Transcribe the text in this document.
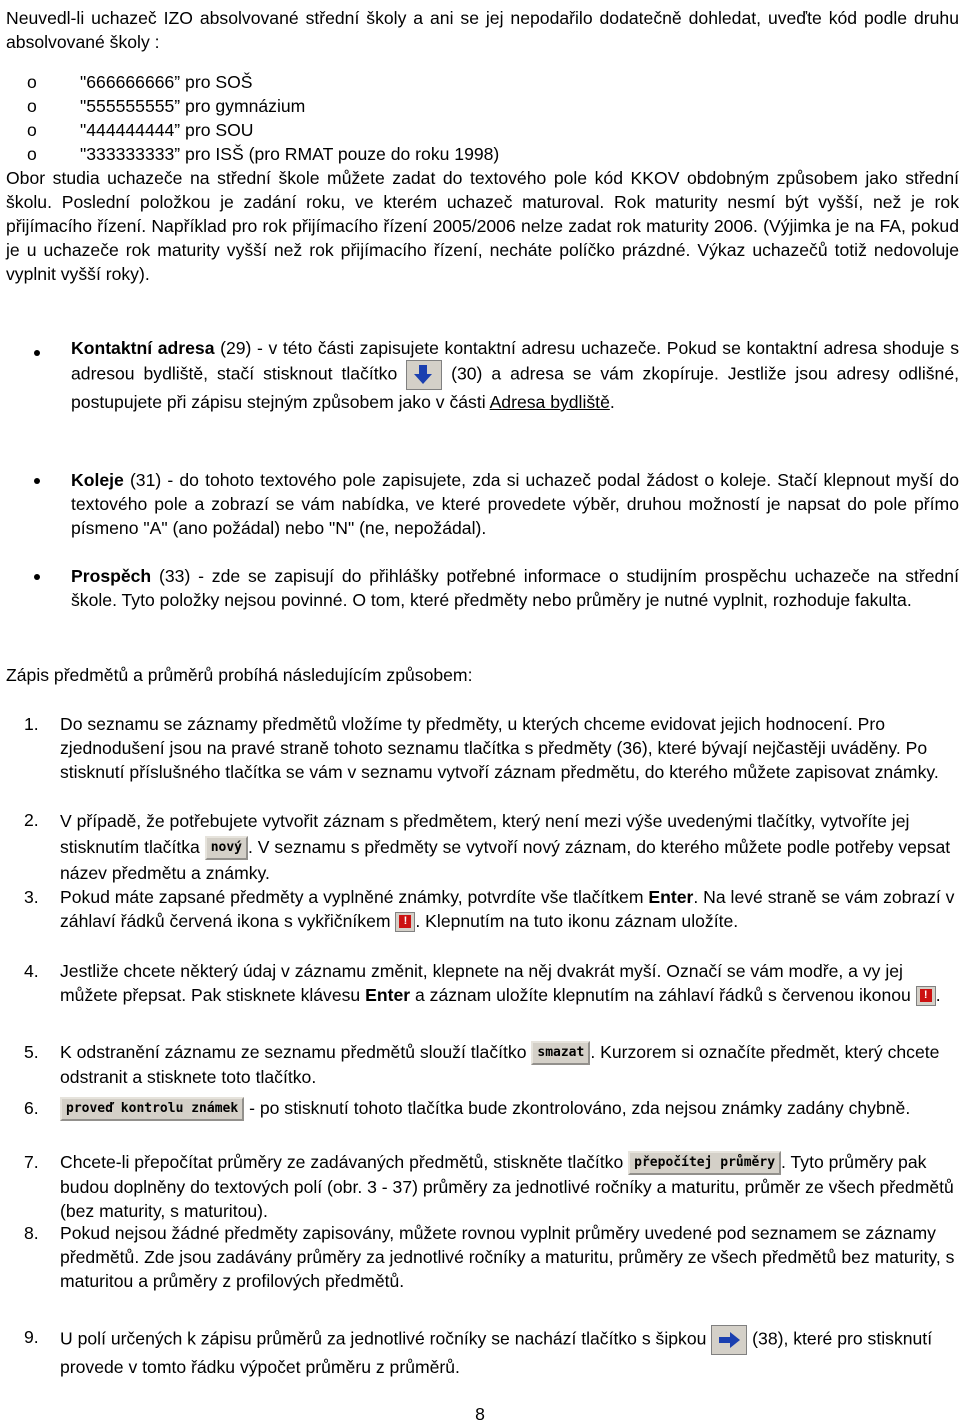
Neuvedl-li uchazeč IZO absolvované střední školy a ani se jej nepodařilo dodatečně dohledat, uveďte kód podle druhu absolvované školy :

o "666666666” pro SOŠ
o "555555555” pro gymnázium
o "444444444” pro SOU
o "333333333” pro ISŠ (pro RMAT pouze do roku 1998)

Obor studia uchazeče na střední škole můžete zadat do textového pole kód KKOV obdobným způsobem jako střední školu. Poslední položkou je zadání roku, ve kterém uchazeč maturoval. Rok maturity nesmí být vyšší, než je rok přijímacího řízení. Například pro rok přijímacího řízení 2005/2006 nelze zadat rok maturity 2006. (Výjimka je na FA, pokud je u uchazeče rok maturity vyšší než rok přijímacího řízení, necháte políčko prázdné. Výkaz uchazečů totiž nedovoluje vyplnit vyšší roky).

Kontaktní adresa (29) - v této části zapisujete kontaktní adresu uchazeče. Pokud se kontaktní adresa shoduje s adresou bydliště, stačí stisknout tlačítko  (30) a adresa se vám zkopíruje. Jestliže jsou adresy odlišné, postupujete při zápisu stejným způsobem jako v části Adresa bydliště.

Koleje (31) - do tohoto textového pole zapisujete, zda si uchazeč podal žádost o koleje. Stačí klepnout myší do textového pole a zobrazí se vám nabídka, ve které provedete výběr, druhou možností je napsat do pole přímo písmeno "A" (ano požádal) nebo "N" (ne, nepožádal).

Prospěch (33) - zde se zapisují do přihlášky potřebné informace o studijním prospěchu uchazeče na střední škole. Tyto položky nejsou povinné. O tom, které předměty nebo průměry je nutné vyplnit, rozhoduje fakulta.

Zápis předmětů a průměrů probíhá následujícím způsobem:

1. Do seznamu se záznamy předmětů vložíme ty předměty, u kterých chceme evidovat jejich hodnocení. Pro zjednodušení jsou na pravé straně tohoto seznamu tlačítka s předměty (36), které bývají nejčastěji uváděny. Po stisknutí příslušného tlačítka se vám v seznamu vytvoří záznam předmětu, do kterého můžete zapisovat známky.

2. V případě, že potřebujete vytvořit záznam s předmětem, který není mezi výše uvedenými tlačítky, vytvoříte jej stisknutím tlačítka nový . V seznamu s předměty se vytvoří nový záznam, do kterého můžete podle potřeby vepsat název předmětu a známky.

3. Pokud máte zapsané předměty a vyplněné známky, potvrdíte vše tlačítkem Enter. Na levé straně se vám zobrazí v záhlaví řádků červená ikona s vykřičníkem !. Klepnutím na tuto ikonu záznam uložíte.

4. Jestliže chcete některý údaj v záznamu změnit, klepnete na něj dvakrát myší. Označí se vám modře, a vy jej můžete přepsat. Pak stisknete klávesu Enter a záznam uložíte klepnutím na záhlaví řádků s červenou ikonou !.

5. K odstranění záznamu ze seznamu předmětů slouží tlačítko smazat . Kurzorem si označíte předmět, který chcete odstranit a stisknete toto tlačítko.

6.	proveď kontrolu známek - po stisknutí tohoto tlačítka bude zkontrolováno, zda nejsou známky zadány chybně.

7. Chcete-li přepočítat průměry ze zadávaných předmětů, stiskněte tlačítko přepočítej průměry . Tyto průměry pak budou doplněny do textových polí (obr. 3 - 37) průměry za jednotlivé ročníky a maturitu, průměr ze všech předmětů (bez maturity, s maturitou).

8. Pokud nejsou žádné předměty zapisovány, můžete rovnou vyplnit průměry uvedené pod seznamem se záznamy předmětů. Zde jsou zadávány průměry za jednotlivé ročníky a maturitu, průměry ze všech předmětů bez maturity, s maturitou a průměry z profilových předmětů.

9. U polí určených k zápisu průměrů za jednotlivé ročníky se nachází tlačítko s šipkou  (38), které pro stisknutí provede v tomto řádku výpočet průměru z průměrů.

8
